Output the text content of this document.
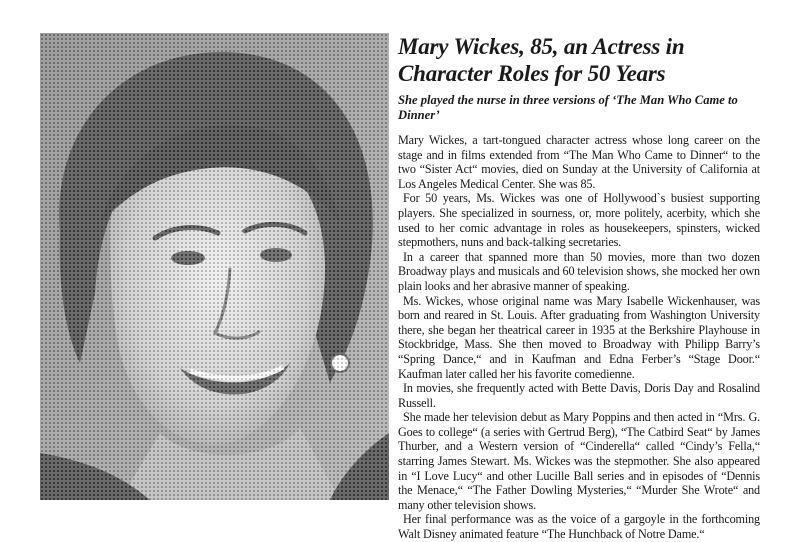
Mary Wickes, 85, an Actress in Character Roles for 50 Years
She played the nurse in three versions of ‘The Man Who Came to Dinner’

Mary Wickes, a tart-tongued character actress whose long career on the stage and in films extended from “The Man Who Came to Dinner“ to the two “Sister Act“ movies, died on Sunday at the University of California at Los Angeles Medical Center. She was 85.

For 50 years, Ms. Wickes was one of Hollywood`s busiest supporting players. She specialized in sourness, or, more politely, acerbity, which she used to her comic advantage in roles as housekeepers, spinsters, wicked stepmothers, nuns and back-talking secretaries.

In a career that spanned more than 50 movies, more than two dozen Broadway plays and musicals and 60 television shows, she mocked her own plain looks and her abrasive manner of speaking.

Ms. Wickes, whose original name was Mary Isabelle Wickenhauser, was born and reared in St. Louis. After graduating from Washington University there, she began her theatrical career in 1935 at the Berkshire Playhouse in Stockbridge, Mass. She then moved to Broadway with Philipp Barry’s “Spring Dance,“ and in Kaufman and Edna Ferber’s “Stage Door.“ Kaufman later called her his favorite comedienne.

In movies, she frequently acted with Bette Davis, Doris Day and Rosalind Russell.

She made her television debut as Mary Poppins and then acted in “Mrs. G. Goes to college“ (a series with Gertrud Berg), “The Catbird Seat“ by James Thurber, and a Western version of “Cinderella“ called “Cindy’s Fella,“ starring James Stewart. Ms. Wickes was the stepmother. She also appeared in “I Love Lucy“ and other Lucille Ball series and in episodes of “Dennis the Menace,“ “The Father Dowling Mysteries,“ “Murder She Wrote“ and many other television shows.

Her final performance was as the voice of a gargoyle in the forthcoming Walt Disney animated feature “The Hunchback of Notre Dame.“
